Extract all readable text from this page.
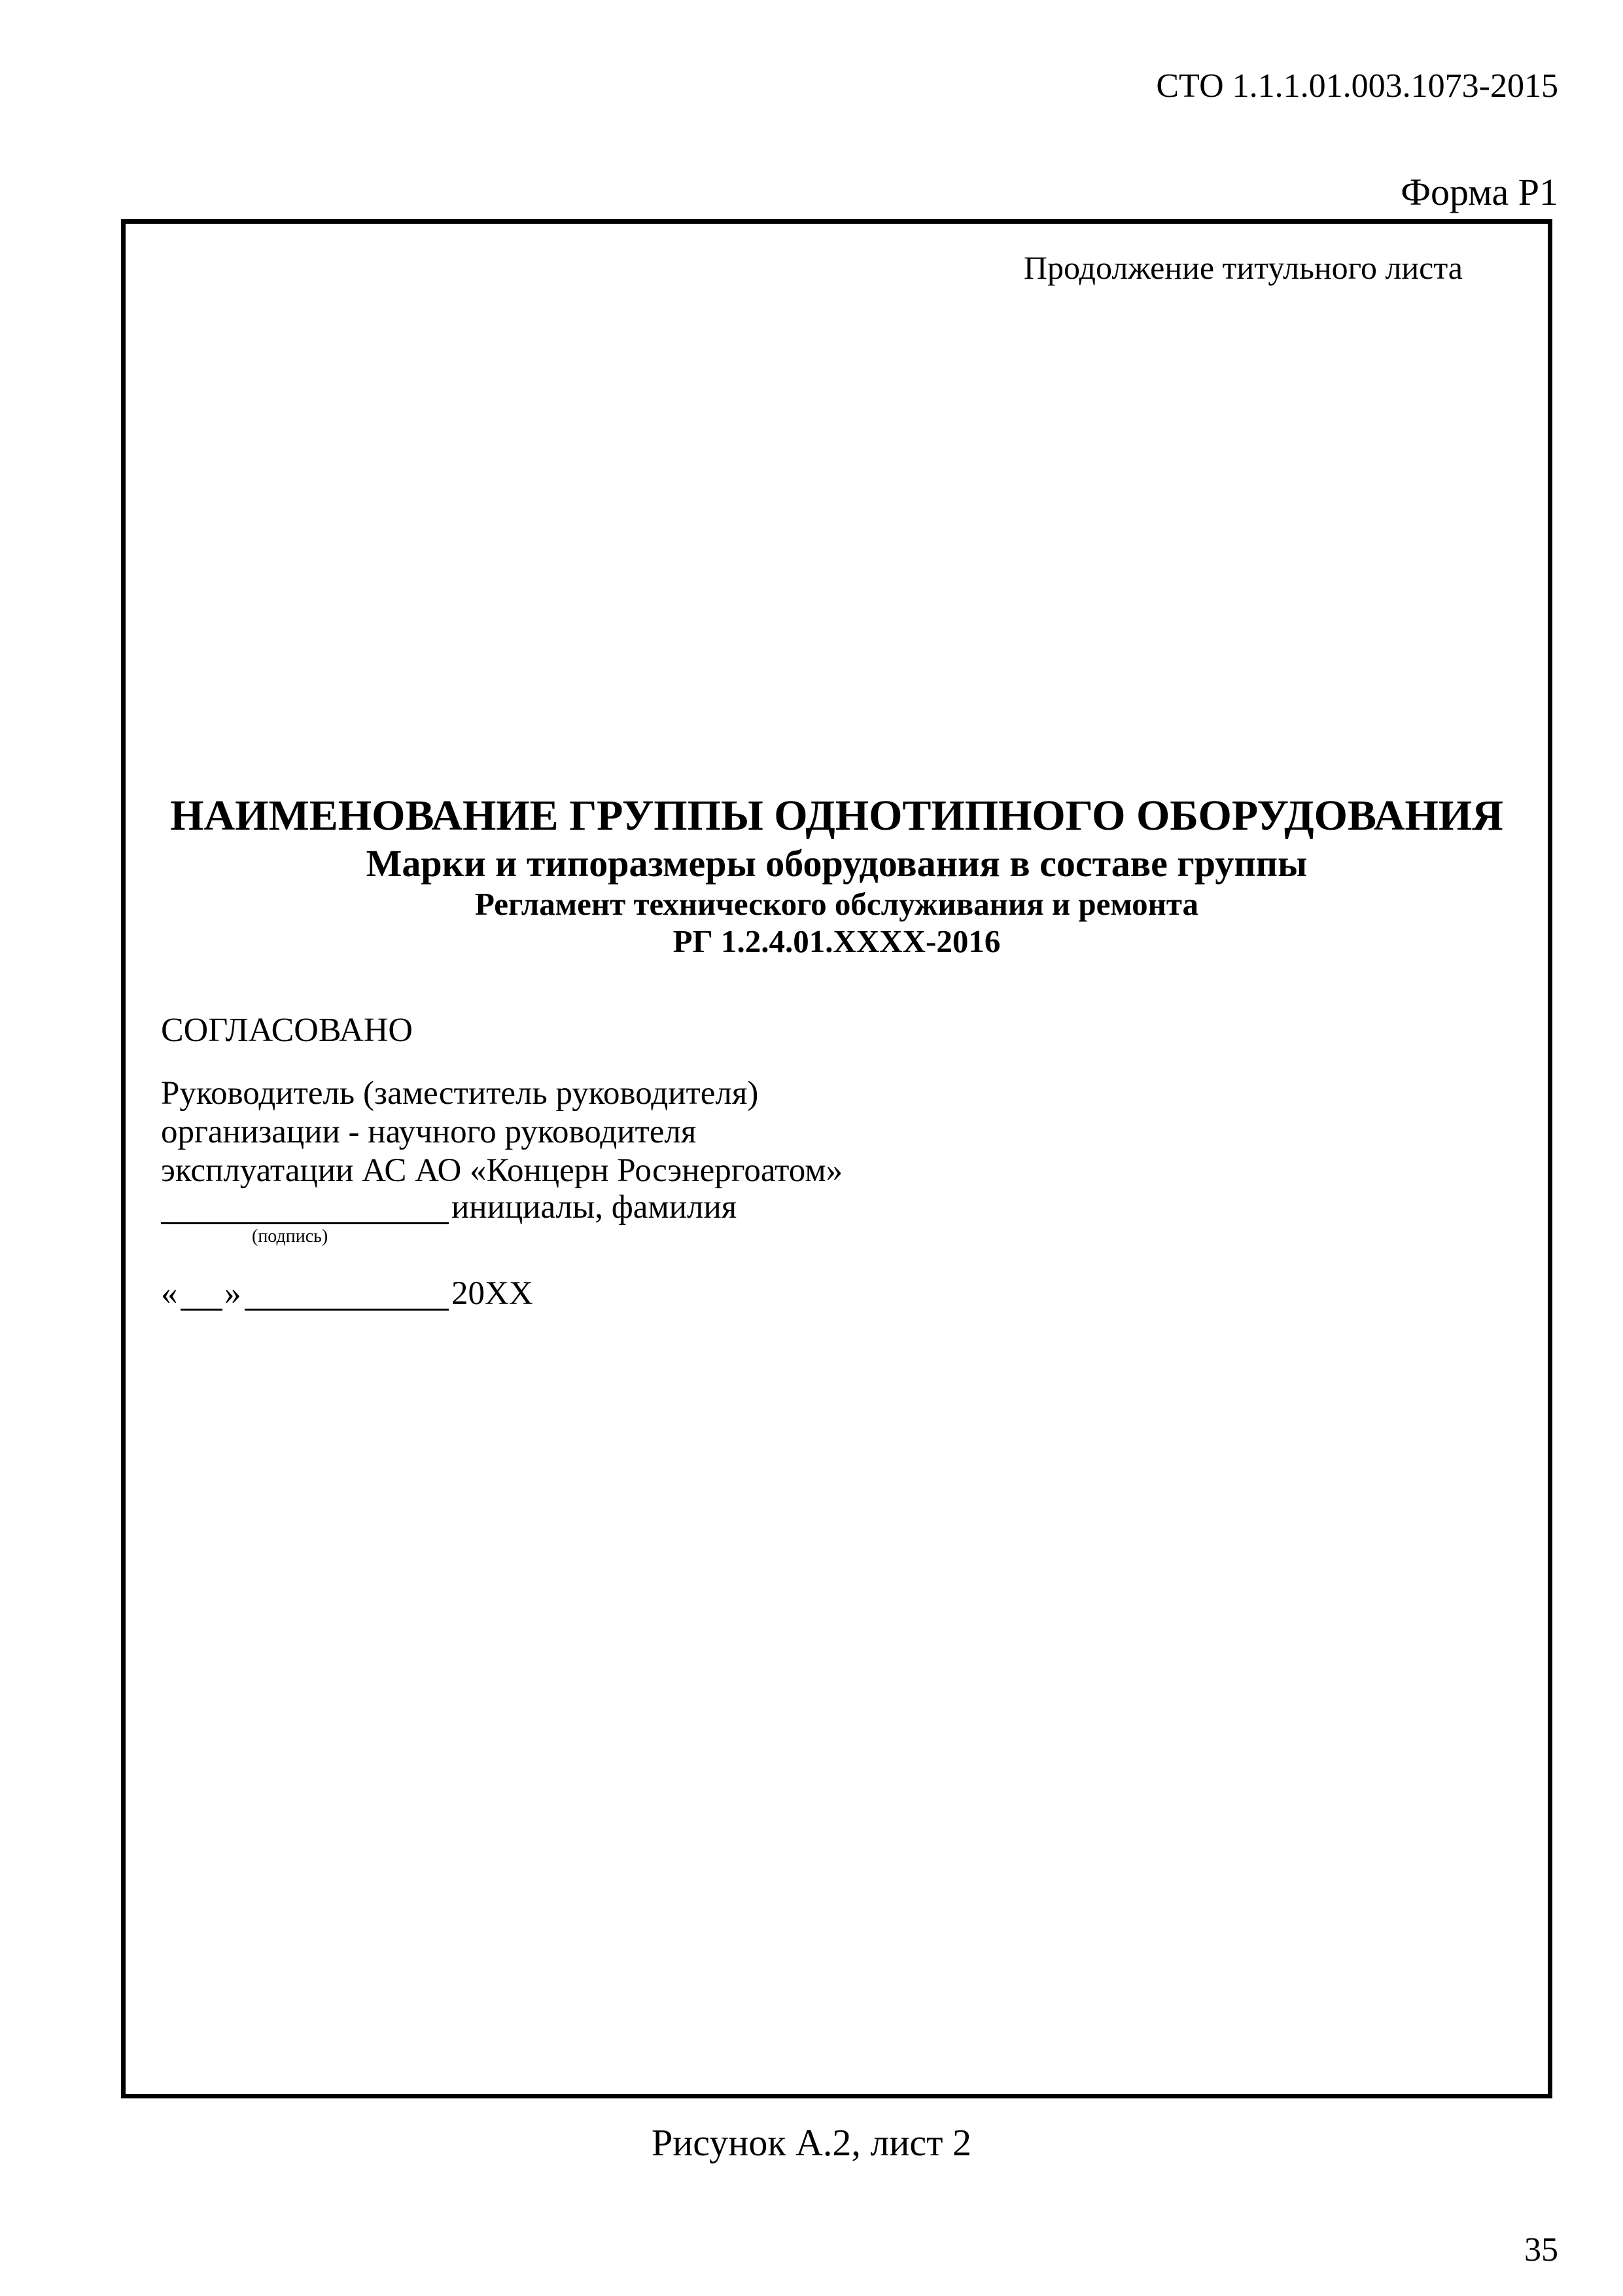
СТО 1.1.1.01.003.1073-2015
Форма Р1
Продолжение титульного листа
НАИМЕНОВАНИЕ ГРУППЫ ОДНОТИПНОГО ОБОРУДОВАНИЯ
Марки и типоразмеры оборудования в составе группы
Регламент технического обслуживания и ремонта
РГ 1.2.4.01.XXXX-2016
СОГЛАСОВАНО
Руководитель (заместитель руководителя)
организации - научного руководителя
эксплуатации АС АО «Концерн Росэнергоатом»
инициалы, фамилия
(подпись)
« »	20XX
Рисунок А.2, лист 2
35
